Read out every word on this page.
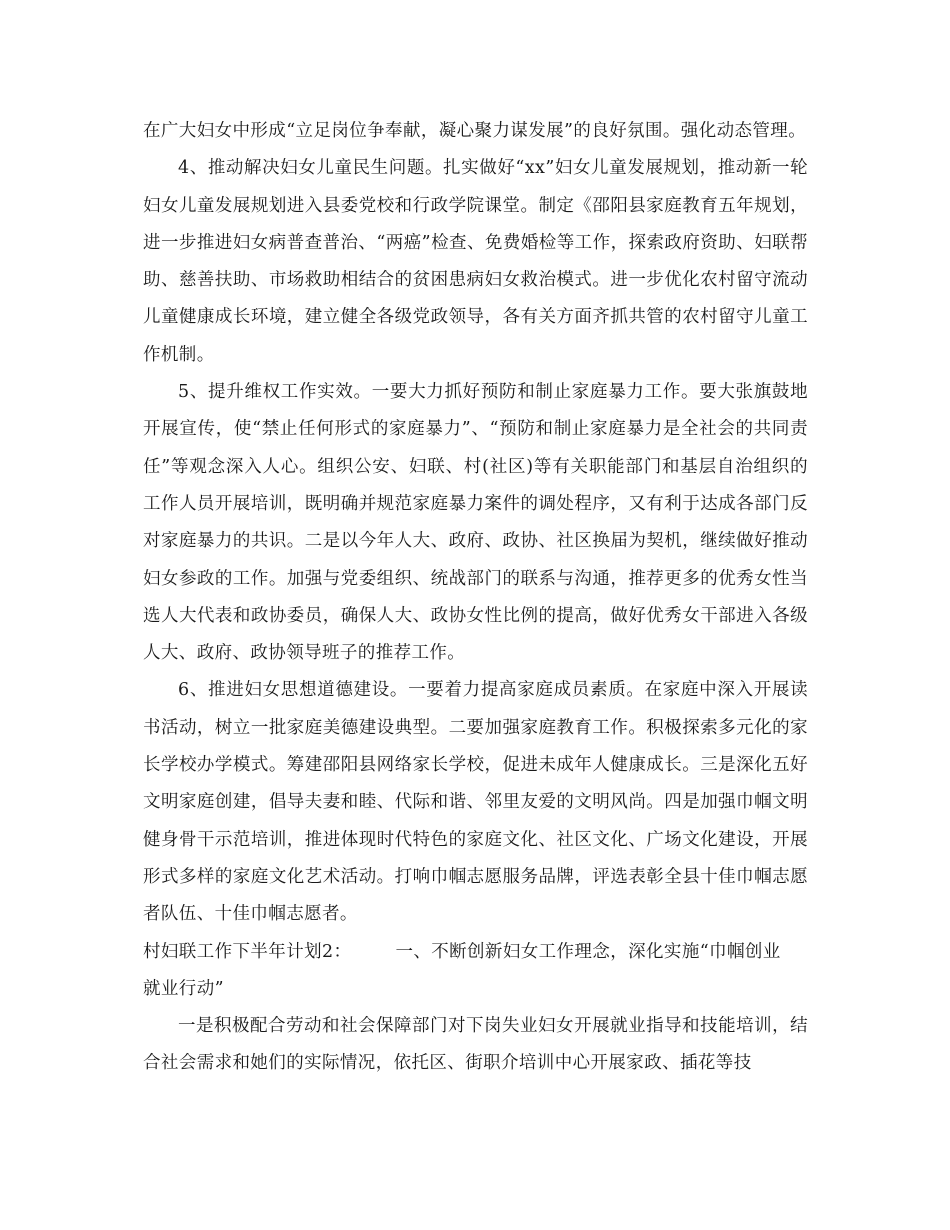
在广大妇女中形成“立足岗位争奉献，凝心聚力谋发展”的良好氛围。强化动态管理。

4、推动解决妇女儿童民生问题。扎实做好“xx”妇女儿童发展规划，推动新一轮妇女儿童发展规划进入县委党校和行政学院课堂。制定《邵阳县家庭教育五年规划，进一步推进妇女病普查普治、“两癌”检查、免费婚检等工作，探索政府资助、妇联帮助、慈善扶助、市场救助相结合的贫困患病妇女救治模式。进一步优化农村留守流动儿童健康成长环境，建立健全各级党政领导，各有关方面齐抓共管的农村留守儿童工作机制。

5、提升维权工作实效。一要大力抓好预防和制止家庭暴力工作。要大张旗鼓地开展宣传，使“禁止任何形式的家庭暴力”、“预防和制止家庭暴力是全社会的共同责任”等观念深入人心。组织公安、妇联、村(社区)等有关职能部门和基层自治组织的工作人员开展培训，既明确并规范家庭暴力案件的调处程序，又有利于达成各部门反对家庭暴力的共识。二是以今年人大、政府、政协、社区换届为契机，继续做好推动妇女参政的工作。加强与党委组织、统战部门的联系与沟通，推荐更多的优秀女性当选人大代表和政协委员，确保人大、政协女性比例的提高，做好优秀女干部进入各级人大、政府、政协领导班子的推荐工作。

6、推进妇女思想道德建设。一要着力提高家庭成员素质。在家庭中深入开展读书活动，树立一批家庭美德建设典型。二要加强家庭教育工作。积极探索多元化的家长学校办学模式。筹建邵阳县网络家长学校，促进未成年人健康成长。三是深化五好文明家庭创建，倡导夫妻和睦、代际和谐、邻里友爱的文明风尚。四是加强巾帼文明健身骨干示范培训，推进体现时代特色的家庭文化、社区文化、广场文化建设，开展形式多样的家庭文化艺术活动。打响巾帼志愿服务品牌，评选表彰全县十佳巾帼志愿者队伍、十佳巾帼志愿者。

村妇联工作下半年计划2：	一、不断创新妇女工作理念，深化实施“巾帼创业

就业行动”

一是积极配合劳动和社会保障部门对下岗失业妇女开展就业指导和技能培训，结合社会需求和她们的实际情况，依托区、街职介培训中心开展家政、插花等技
